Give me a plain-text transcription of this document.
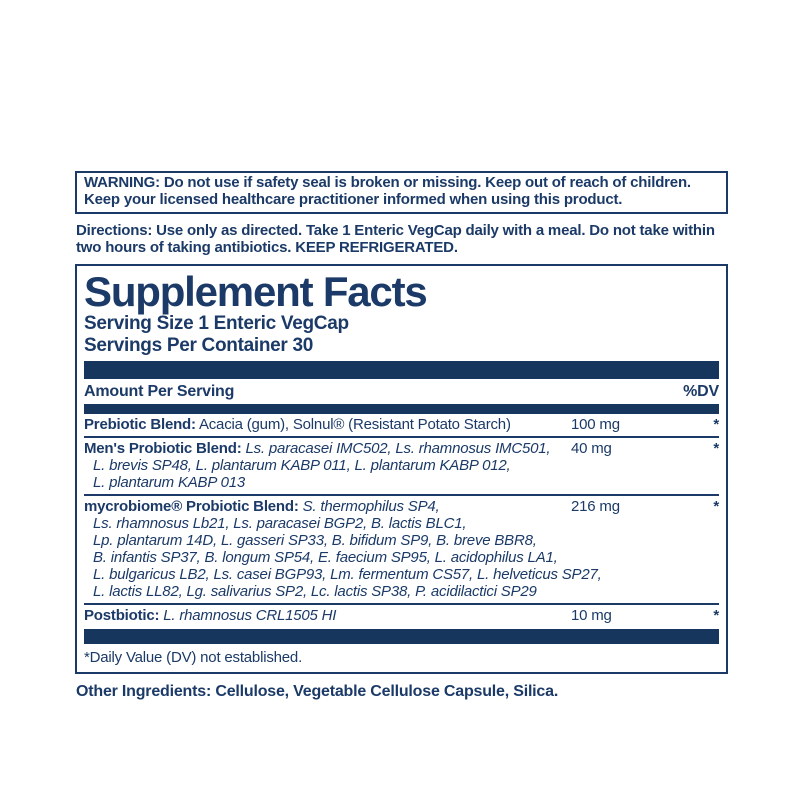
WARNING: Do not use if safety seal is broken or missing. Keep out of reach of children. Keep your licensed healthcare practitioner informed when using this product.

Directions: Use only as directed. Take 1 Enteric VegCap daily with a meal. Do not take within two hours of taking antibiotics. KEEP REFRIGERATED.

Supplement Facts
Serving Size 1 Enteric VegCap
Servings Per Container 30
Amount Per Serving	%DV
Prebiotic Blend: Acacia (gum), Solnul® (Resistant Potato Starch)	100 mg	*
Men's Probiotic Blend: Ls. paracasei IMC502, Ls. rhamnosus IMC501,	40 mg	*
L. brevis SP48, L. plantarum KABP 011, L. plantarum KABP 012,
L. plantarum KABP 013
mycrobiome® Probiotic Blend: S. thermophilus SP4,	216 mg	*
Ls. rhamnosus Lb21, Ls. paracasei BGP2, B. lactis BLC1,
Lp. plantarum 14D, L. gasseri SP33, B. bifidum SP9, B. breve BBR8,
B. infantis SP37, B. longum SP54, E. faecium SP95, L. acidophilus LA1,
L. bulgaricus LB2, Ls. casei BGP93, Lm. fermentum CS57, L. helveticus SP27,
L. lactis LL82, Lg. salivarius SP2, Lc. lactis SP38, P. acidilactici SP29
Postbiotic: L. rhamnosus CRL1505 HI	10 mg	*
*Daily Value (DV) not established.

Other Ingredients: Cellulose, Vegetable Cellulose Capsule, Silica.
